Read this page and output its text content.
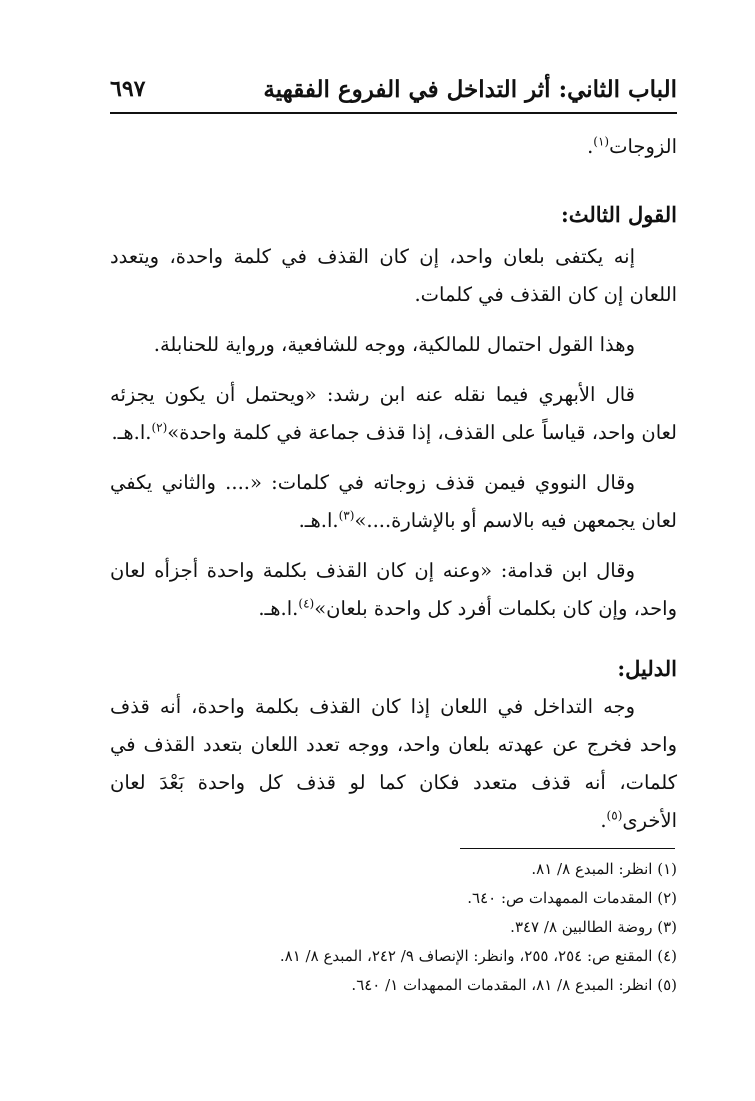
الباب الثاني: أثر التداخل في الفروع الفقهية
٦٩٧

الزوجات$^{(١)}$.

القول الثالث:

إنه يكتفى بلعان واحد، إن كان القذف في كلمة واحدة، ويتعدد اللعان إن كان القذف في كلمات.

وهذا القول احتمال للمالكية، ووجه للشافعية، ورواية للحنابلة.

قال الأبهري فيما نقله عنه ابن رشد: «ويحتمل أن يكون يجزئه لعان واحد، قياساً على القذف، إذا قذف جماعة في كلمة واحدة»$^{(٢)}$.ا.هـ.

وقال النووي فيمن قذف زوجاته في كلمات: «.... والثاني يكفي لعان يجمعهن فيه بالاسم أو بالإشارة....»$^{(٣)}$.ا.هـ.

وقال ابن قدامة: «وعنه إن كان القذف بكلمة واحدة أجزأه لعان واحد، وإن كان بكلمات أفرد كل واحدة بلعان»$^{(٤)}$.ا.هـ.

الدليل:

وجه التداخل في اللعان إذا كان القذف بكلمة واحدة، أنه قذف واحد فخرج عن عهدته بلعان واحد، ووجه تعدد اللعان بتعدد القذف في كلمات، أنه قذف متعدد فكان كما لو قذف كل واحدة بَعْدَ لعان الأخرى$^{(٥)}$.

(١) انظر: المبدع ٨/ ٨١.
(٢) المقدمات الممهدات ص: ٦٤٠.
(٣) روضة الطالبين ٨/ ٣٤٧.
(٤) المقنع ص: ٢٥٤، ٢٥٥، وانظر: الإنصاف ٩/ ٢٤٢، المبدع ٨/ ٨١.
(٥) انظر: المبدع ٨/ ٨١، المقدمات الممهدات ١/ ٦٤٠.
